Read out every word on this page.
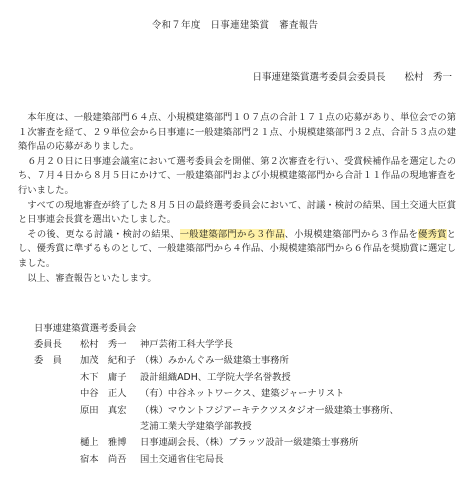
令和７年度　日事連建築賞　審査報告
日事連建築賞選考委員会委員長　　松村　秀一

本年度は、一般建築部門６４点、小規模建築部門１０７点の合計１７１点の応募があり、単位会での第１次審査を経て、２９単位会から日事連に一般建築部門２１点、小規模建築部門３２点、合計５３点の建築作品の応募がありました。

６月２０日に日事連会議室において選考委員会を開催、第２次審査を行い、受賞候補作品を選定したのち、７月４日から８月５日にかけて、一般建築部門および小規模建築部門から合計１１作品の現地審査を行いました。

すべての現地審査が終了した８月５日の最終選考委員会において、討議・検討の結果、国土交通大臣賞と日事連会長賞を選出いたしました。

その後、更なる討議・検討の結果、一般建築部門から３作品、小規模建築部門から３作品を優秀賞とし、優秀賞に準ずるものとして、一般建築部門から４作品、小規模建築部門から６作品を奨励賞に選定しました。

以上、審査報告といたします。

日事連建築賞選考委員会
委員長 松村　秀一 神戸芸術工科大学学長
委　員 加茂　紀和子 （株）みかんぐみ一級建築士事務所
木下　庸子 設計組織ADH、工学院大学名誉教授
中谷　正人 （有）中谷ネットワークス、建築ジャーナリスト
原田　真宏 （株）マウントフジアーキテクツスタジオ一級建築士事務所、
芝浦工業大学建築学部教授
樋上　雅博 日事連副会長、（株）ブラッツ設計一級建築士事務所
宿本　尚吾 国土交通省住宅局長
